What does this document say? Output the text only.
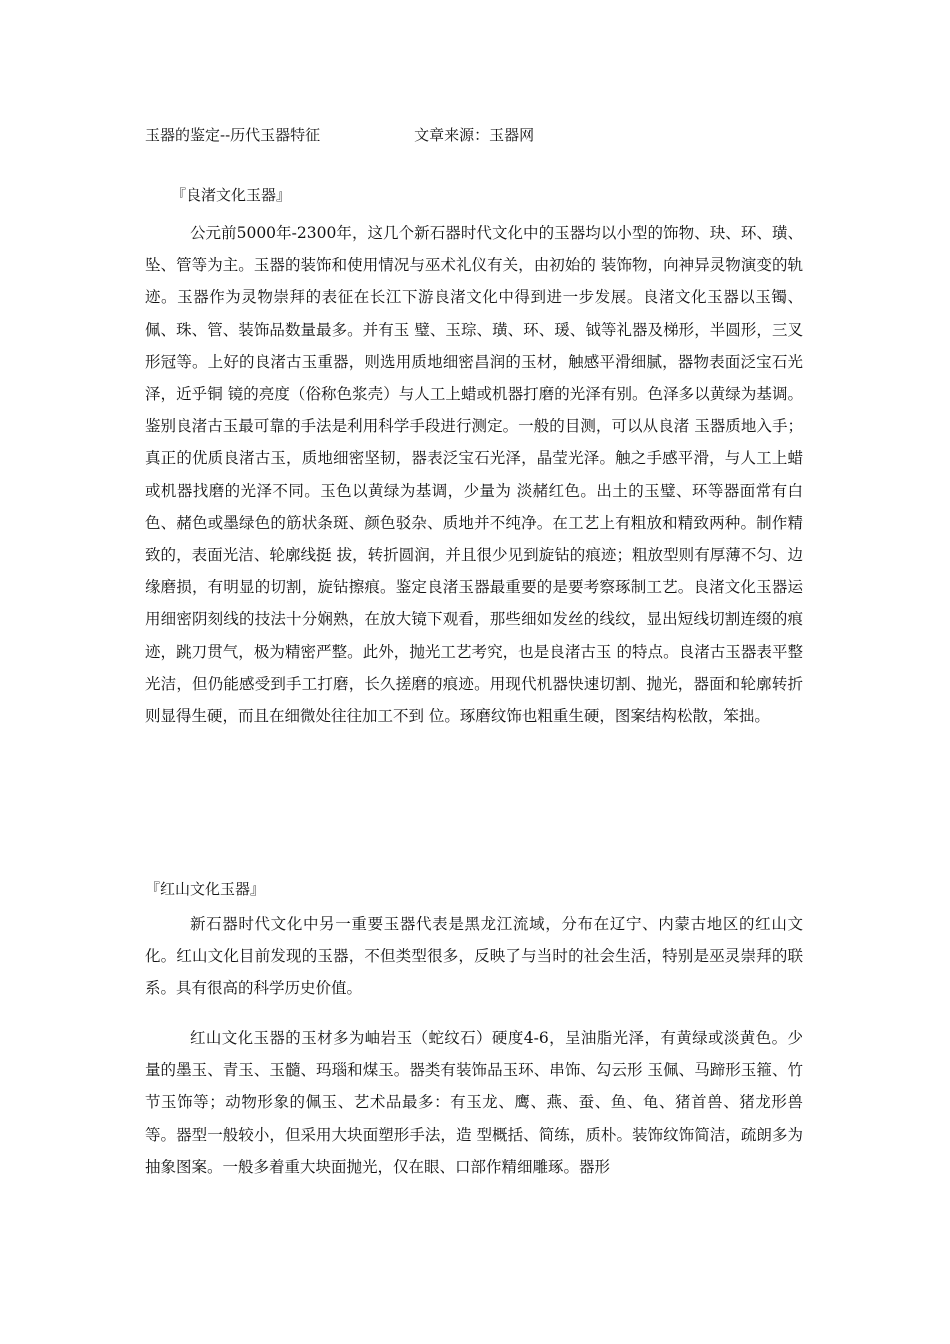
玉器的鉴定--历代玉器特征	文章来源：玉器网
『良渚文化玉器』

公元前5000年-2300年，这几个新石器时代文化中的玉器均以小型的饰物、玦、环、璜、坠、管等为主。玉器的装饰和使用情况与巫术礼仪有关，由初始的 装饰物，向神异灵物演变的轨迹。玉器作为灵物崇拜的表征在长江下游良渚文化中得到进一步发展。良渚文化玉器以玉镯、佩、珠、管、装饰品数量最多。并有玉 璧、玉琮、璜、环、瑗、钺等礼器及梯形，半圆形，三叉形冠等。上好的良渚古玉重器，则选用质地细密昌润的玉材，触感平滑细腻，器物表面泛宝石光泽，近乎铜 镜的亮度（俗称色浆壳）与人工上蜡或机器打磨的光泽有别。色泽多以黄绿为基调。鉴别良渚古玉最可靠的手法是利用科学手段进行测定。一般的目测，可以从良渚 玉器质地入手；真正的优质良渚古玉，质地细密坚韧，器表泛宝石光泽，晶莹光泽。触之手感平滑，与人工上蜡或机器找磨的光泽不同。玉色以黄绿为基调，少量为 淡赭红色。出土的玉璧、环等器面常有白色、赭色或墨绿色的筋状条斑、颜色驳杂、质地并不纯净。在工艺上有粗放和精致两种。制作精致的，表面光洁、轮廓线挺 拔，转折圆润，并且很少见到旋钻的痕迹；粗放型则有厚薄不匀、边缘磨损，有明显的切割，旋钻擦痕。鉴定良渚玉器最重要的是要考察琢制工艺。良渚文化玉器运 用细密阴刻线的技法十分娴熟，在放大镜下观看，那些细如发丝的线纹，显出短线切割连缀的痕迹，跳刀贯气，极为精密严整。此外，抛光工艺考究，也是良渚古玉 的特点。良渚古玉器表平整光洁，但仍能感受到手工打磨，长久搓磨的痕迹。用现代机器快速切割、抛光，器面和轮廓转折则显得生硬，而且在细微处往往加工不到 位。琢磨纹饰也粗重生硬，图案结构松散，笨拙。

『红山文化玉器』

新石器时代文化中另一重要玉器代表是黑龙江流域，分布在辽宁、内蒙古地区的红山文化。红山文化目前发现的玉器，不但类型很多，反映了与当时的社会生活，特别是巫灵崇拜的联系。具有很高的科学历史价值。

红山文化玉器的玉材多为岫岩玉（蛇纹石）硬度4-6，呈油脂光泽，有黄绿或淡黄色。少量的墨玉、青玉、玉髓、玛瑙和煤玉。器类有装饰品玉环、串饰、勾云形 玉佩、马蹄形玉箍、竹节玉饰等；动物形象的佩玉、艺术品最多：有玉龙、鹰、燕、蚕、鱼、龟、猪首兽、猪龙形兽等。器型一般较小，但采用大块面塑形手法，造 型概括、简练，质朴。装饰纹饰简洁，疏朗多为抽象图案。一般多着重大块面抛光，仅在眼、口部作精细雕琢。器形
